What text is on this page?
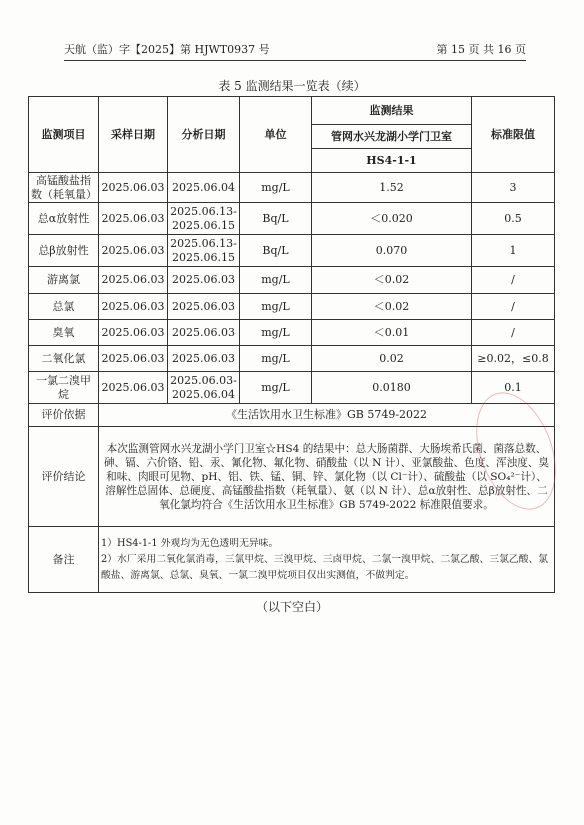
天航（监）字【2025】第 HJWT0937 号	第 15 页 共 16 页
表 5 监测结果一览表（续）
监测项目	采样日期	分析日期	单位	监测结果	标准限值
				管网水兴龙湖小学门卫室	
				HS4-1-1	
高锰酸盐指数（耗氧量）	2025.06.03	2025.06.04	mg/L	1.52	3
总α放射性	2025.06.03	2025.06.13-2025.06.15	Bq/L	＜0.020	0.5
总β放射性	2025.06.03	2025.06.13-2025.06.15	Bq/L	0.070	1
游离氯	2025.06.03	2025.06.03	mg/L	＜0.02	/
总氯	2025.06.03	2025.06.03	mg/L	＜0.02	/
臭氧	2025.06.03	2025.06.03	mg/L	＜0.01	/
二氧化氯	2025.06.03	2025.06.03	mg/L	0.02	≥0.02，≤0.8
一氯二溴甲烷	2025.06.03	2025.06.03-2025.06.04	mg/L	0.0180	0.1
评价依据	《生活饮用水卫生标准》GB 5749-2022				
评价结论	本次监测管网水兴龙湖小学门卫室☆HS4 的结果中：总大肠菌群、大肠埃希氏菌、菌落总数、砷、镉、六价铬、铅、汞、氰化物、氟化物、硝酸盐（以 N 计）、亚氯酸盐、色度、浑浊度、臭和味、肉眼可见物、pH、铝、铁、锰、铜、锌、氯化物（以 Cl⁻计）、硫酸盐（以 SO₄²⁻计）、溶解性总固体、总硬度、高锰酸盐指数（耗氧量）、氨（以 N 计）、总α放射性、总β放射性、二氧化氯均符合《生活饮用水卫生标准》GB 5749-2022 标准限值要求。				
备注	1）HS4-1-1 外观均为无色透明无异味。

2）水厂采用二氧化氯消毒，三氯甲烷、三溴甲烷、三卤甲烷、二氯一溴甲烷、二氯乙酸、三氯乙酸、氯酸盐、游离氯、总氯、臭氧、一氯二溴甲烷项目仅出实测值，不做判定。				

（以下空白）
